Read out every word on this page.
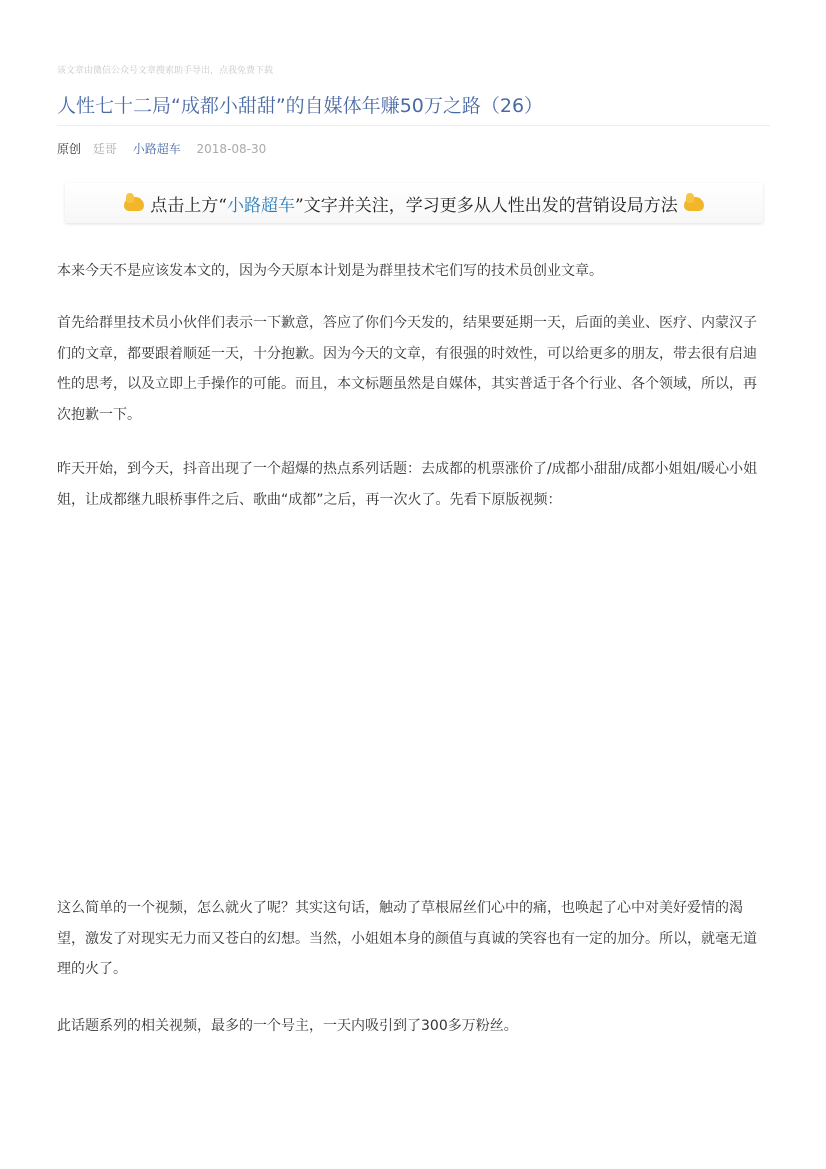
该文章由微信公众号文章搜索助手导出，点我免费下载
人性七十二局“成都小甜甜”的自媒体年赚50万之路（26）
原创 廷哥 小路超车 2018-08-30
点击上方“小路超车”文字并关注，学习更多从人性出发的营销设局方法

本来今天不是应该发本文的，因为今天原本计划是为群里技术宅们写的技术员创业文章。

首先给群里技术员小伙伴们表示一下歉意，答应了你们今天发的，结果要延期一天，后面的美业、医疗、内蒙汉子们的文章，都要跟着顺延一天，十分抱歉。因为今天的文章，有很强的时效性，可以给更多的朋友，带去很有启迪性的思考，以及立即上手操作的可能。而且，本文标题虽然是自媒体，其实普适于各个行业、各个领域，所以，再次抱歉一下。

昨天开始，到今天，抖音出现了一个超爆的热点系列话题：去成都的机票涨价了/成都小甜甜/成都小姐姐/暖心小姐姐，让成都继九眼桥事件之后、歌曲“成都”之后，再一次火了。先看下原版视频：

这么简单的一个视频，怎么就火了呢？其实这句话，触动了草根屌丝们心中的痛，也唤起了心中对美好爱情的渴望，激发了对现实无力而又苍白的幻想。当然，小姐姐本身的颜值与真诚的笑容也有一定的加分。所以，就毫无道理的火了。

此话题系列的相关视频，最多的一个号主，一天内吸引到了300多万粉丝。
